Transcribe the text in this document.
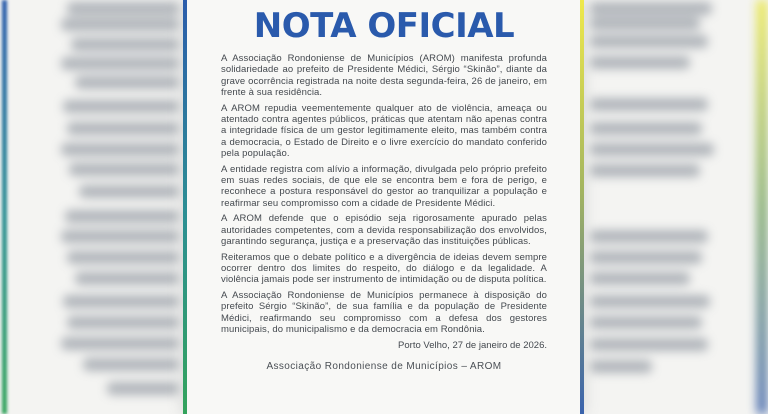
NOTA OFICIAL

A Associação Rondoniense de Municípios (AROM) manifesta profunda solidariedade ao prefeito de Presidente Médici, Sérgio “Skinão”, diante da grave ocorrência registrada na noite desta segunda-feira, 26 de janeiro, em frente à sua residência.

A AROM repudia veementemente qualquer ato de violência, ameaça ou atentado contra agentes públicos, práticas que atentam não apenas contra a integridade física de um gestor legitimamente eleito, mas também contra a democracia, o Estado de Direito e o livre exercício do mandato conferido pela população.

A entidade registra com alívio a informação, divulgada pelo próprio prefeito em suas redes sociais, de que ele se encontra bem e fora de perigo, e reconhece a postura responsável do gestor ao tranquilizar a população e reafirmar seu compromisso com a cidade de Presidente Médici.

A AROM defende que o episódio seja rigorosamente apurado pelas autoridades competentes, com a devida responsabilização dos envolvidos, garantindo segurança, justiça e a preservação das instituições públicas.

Reiteramos que o debate político e a divergência de ideias devem sempre ocorrer dentro dos limites do respeito, do diálogo e da legalidade. A violência jamais pode ser instrumento de intimidação ou de disputa política.

A Associação Rondoniense de Municípios permanece à disposição do prefeito Sérgio “Skinão”, de sua família e da população de Presidente Médici, reafirmando seu compromisso com a defesa dos gestores municipais, do municipalismo e da democracia em Rondônia.

Porto Velho, 27 de janeiro de 2026.

Associação Rondoniense de Municípios – AROM
